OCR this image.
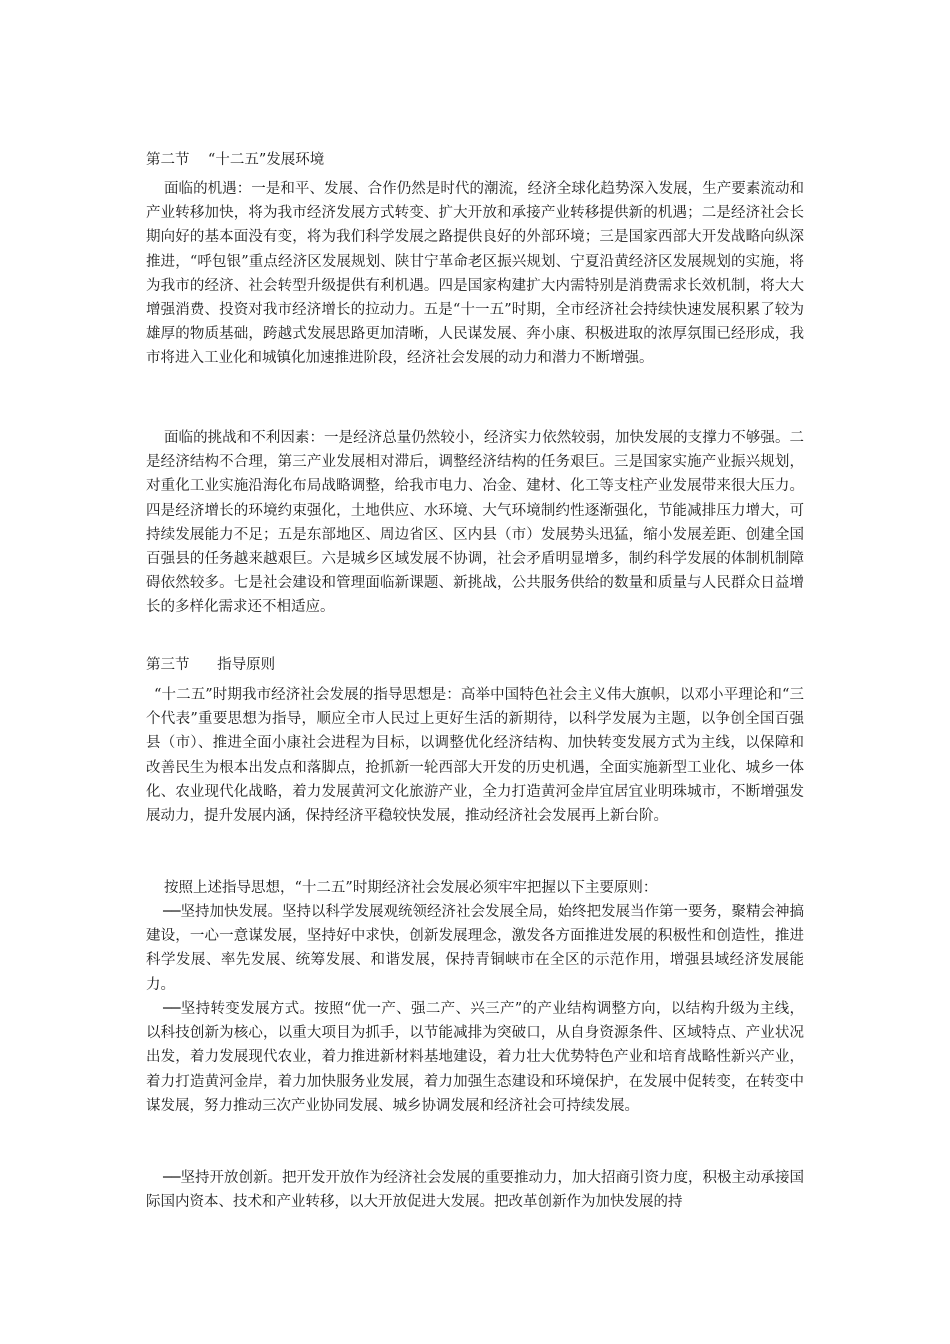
第二节    “十二五”发展环境

面临的机遇：一是和平、发展、合作仍然是时代的潮流，经济全球化趋势深入发展，生产要素流动和产业转移加快，将为我市经济发展方式转变、扩大开放和承接产业转移提供新的机遇；二是经济社会长期向好的基本面没有变，将为我们科学发展之路提供良好的外部环境；三是国家西部大开发战略向纵深推进，“呼包银”重点经济区发展规划、陕甘宁革命老区振兴规划、宁夏沿黄经济区发展规划的实施，将为我市的经济、社会转型升级提供有利机遇。四是国家构建扩大内需特别是消费需求长效机制，将大大增强消费、投资对我市经济增长的拉动力。五是“十一五”时期，全市经济社会持续快速发展积累了较为雄厚的物质基础，跨越式发展思路更加清晰，人民谋发展、奔小康、积极进取的浓厚氛围已经形成，我市将进入工业化和城镇化加速推进阶段，经济社会发展的动力和潜力不断增强。

面临的挑战和不利因素：一是经济总量仍然较小，经济实力依然较弱，加快发展的支撑力不够强。二是经济结构不合理，第三产业发展相对滞后，调整经济结构的任务艰巨。三是国家实施产业振兴规划，对重化工业实施沿海化布局战略调整，给我市电力、冶金、建材、化工等支柱产业发展带来很大压力。四是经济增长的环境约束强化，土地供应、水环境、大气环境制约性逐渐强化，节能减排压力增大，可持续发展能力不足；五是东部地区、周边省区、区内县（市）发展势头迅猛，缩小发展差距、创建全国百强县的任务越来越艰巨。六是城乡区域发展不协调，社会矛盾明显增多，制约科学发展的体制机制障碍依然较多。七是社会建设和管理面临新课题、新挑战，公共服务供给的数量和质量与人民群众日益增长的多样化需求还不相适应。

第三节      指导原则

“十二五”时期我市经济社会发展的指导思想是：高举中国特色社会主义伟大旗帜，以邓小平理论和“三个代表”重要思想为指导，顺应全市人民过上更好生活的新期待，以科学发展为主题，以争创全国百强县（市）、推进全面小康社会进程为目标，以调整优化经济结构、加快转变发展方式为主线，以保障和改善民生为根本出发点和落脚点，抢抓新一轮西部大开发的历史机遇，全面实施新型工业化、城乡一体化、农业现代化战略，着力发展黄河文化旅游产业，全力打造黄河金岸宜居宜业明珠城市，不断增强发展动力，提升发展内涵，保持经济平稳较快发展，推动经济社会发展再上新台阶。

按照上述指导思想，“十二五”时期经济社会发展必须牢牢把握以下主要原则：

──坚持加快发展。坚持以科学发展观统领经济社会发展全局，始终把发展当作第一要务，聚精会神搞建设，一心一意谋发展，坚持好中求快，创新发展理念，激发各方面推进发展的积极性和创造性，推进科学发展、率先发展、统筹发展、和谐发展，保持青铜峡市在全区的示范作用，增强县域经济发展能力。

──坚持转变发展方式。按照“优一产、强二产、兴三产”的产业结构调整方向，以结构升级为主线，以科技创新为核心，以重大项目为抓手，以节能减排为突破口，从自身资源条件、区域特点、产业状况出发，着力发展现代农业，着力推进新材料基地建设，着力壮大优势特色产业和培育战略性新兴产业，着力打造黄河金岸，着力加快服务业发展，着力加强生态建设和环境保护，在发展中促转变，在转变中谋发展，努力推动三次产业协同发展、城乡协调发展和经济社会可持续发展。

──坚持开放创新。把开发开放作为经济社会发展的重要推动力，加大招商引资力度，积极主动承接国际国内资本、技术和产业转移，以大开放促进大发展。把改革创新作为加快发展的持
